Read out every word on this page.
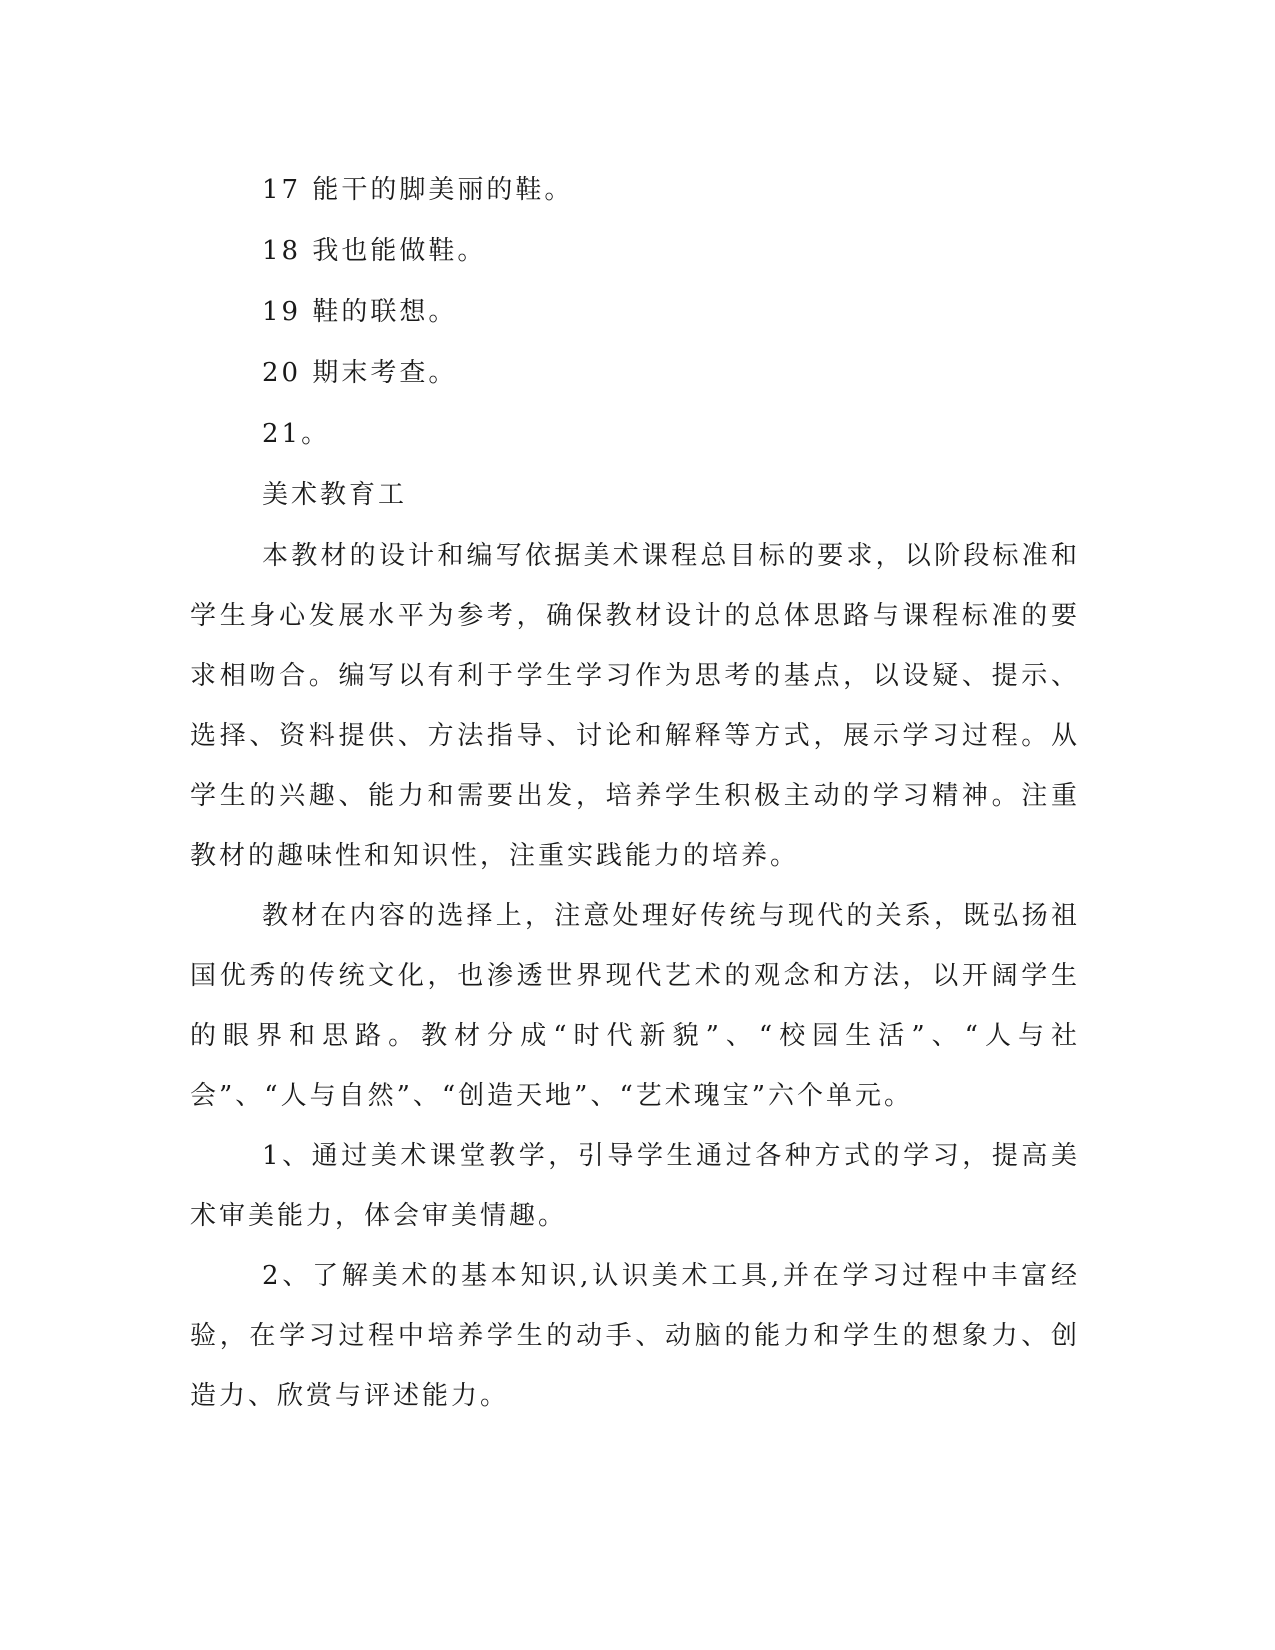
17 能干的脚美丽的鞋。

18 我也能做鞋。

19 鞋的联想。

20 期末考查。

21。

美术教育工

本教材的设计和编写依据美术课程总目标的要求，以阶段标准和学生身心发展水平为参考，确保教材设计的总体思路与课程标准的要求相吻合。编写以有利于学生学习作为思考的基点，以设疑、提示、选择、资料提供、方法指导、讨论和解释等方式，展示学习过程。从学生的兴趣、能力和需要出发，培养学生积极主动的学习精神。注重教材的趣味性和知识性，注重实践能力的培养。

教材在内容的选择上，注意处理好传统与现代的关系，既弘扬祖国优秀的传统文化，也渗透世界现代艺术的观念和方法，以开阔学生的眼界和思路。教材分成“时代新貌”、“校园生活”、“人与社会”、“人与自然”、“创造天地”、“艺术瑰宝”六个单元。

1、通过美术课堂教学，引导学生通过各种方式的学习，提高美术审美能力，体会审美情趣。

2、了解美术的基本知识,认识美术工具,并在学习过程中丰富经验，在学习过程中培养学生的动手、动脑的能力和学生的想象力、创造力、欣赏与评述能力。
